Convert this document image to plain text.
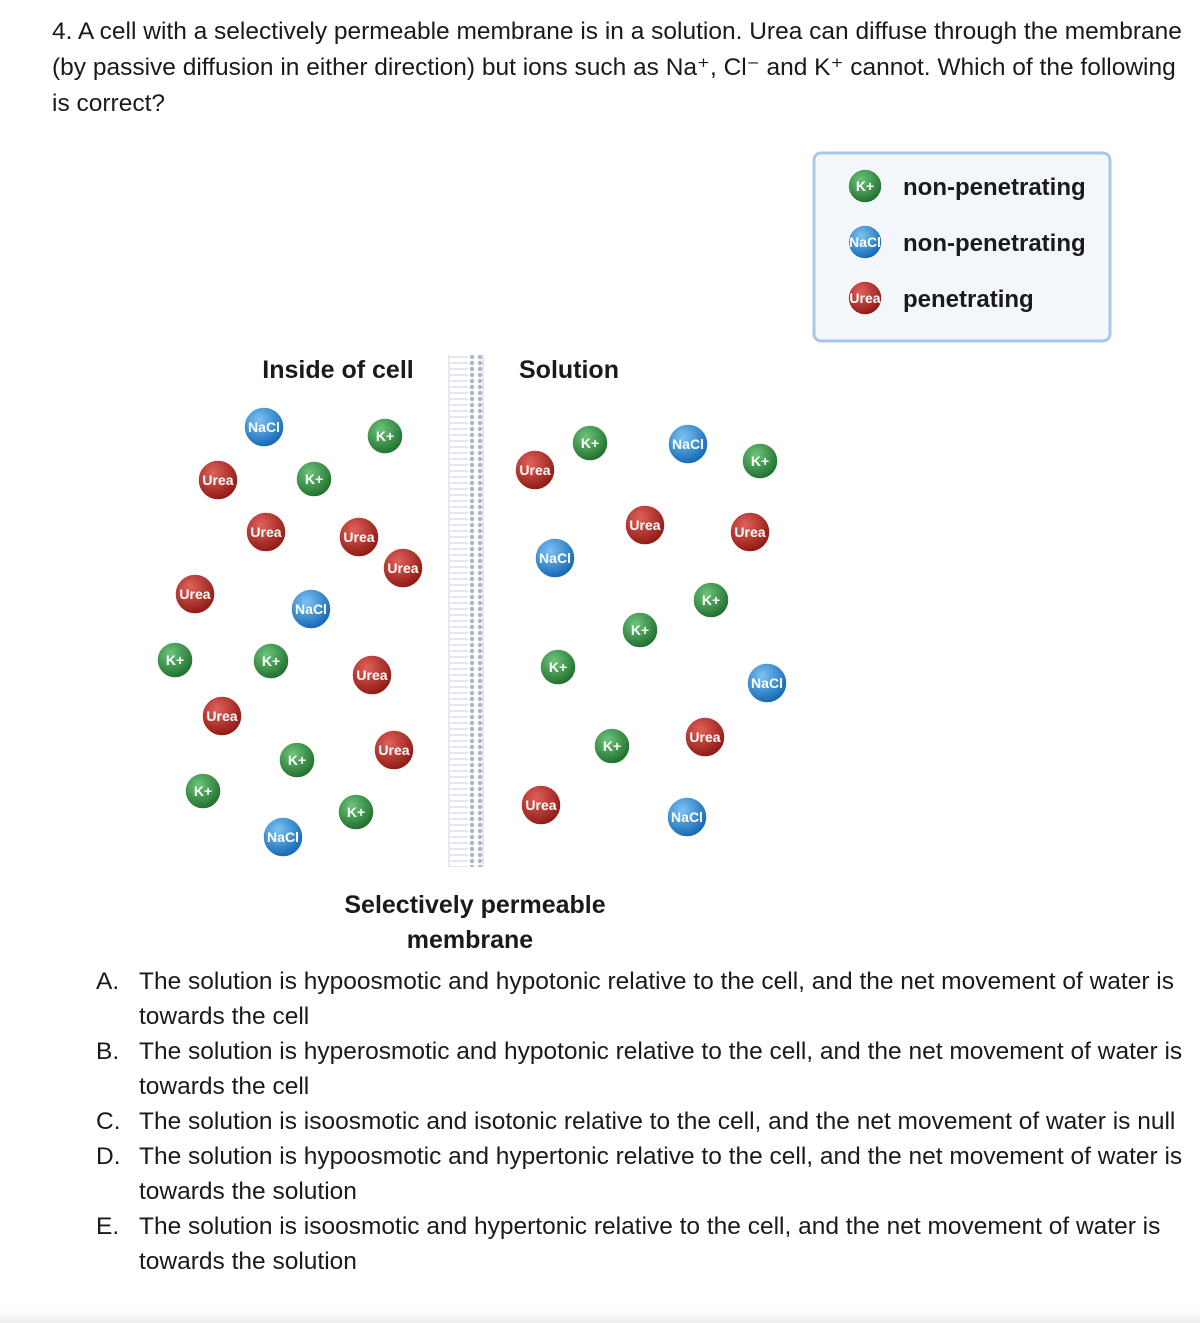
4. A cell with a selectively permeable membrane is in a solution. Urea can diffuse through the membrane (by passive diffusion in either direction) but ions such as Na⁺, Cl⁻ and K⁺ cannot. Which of the following is correct?
K+ non-penetrating
NaCl non-penetrating
Urea penetrating
Inside of cell	Solution
NaCl
K+
Urea	K+
Urea	Urea
Urea
Urea
NaCl
K+	K+
Urea
Urea
Urea
K+
K+
K+
NaCl
K+	NaCl
K+
Urea
Urea	Urea
NaCl
K+
K+
K+
NaCl
Urea
K+
Urea
NaCl
Selectively permeable
membrane
A. The solution is hypoosmotic and hypotonic relative to the cell, and the net movement of water is towards the cell
B. The solution is hyperosmotic and hypotonic relative to the cell, and the net movement of water is towards the cell
C. The solution is isoosmotic and isotonic relative to the cell, and the net movement of water is null
D. The solution is hypoosmotic and hypertonic relative to the cell, and the net movement of water is towards the solution
E. The solution is isoosmotic and hypertonic relative to the cell, and the net movement of water is towards the solution
